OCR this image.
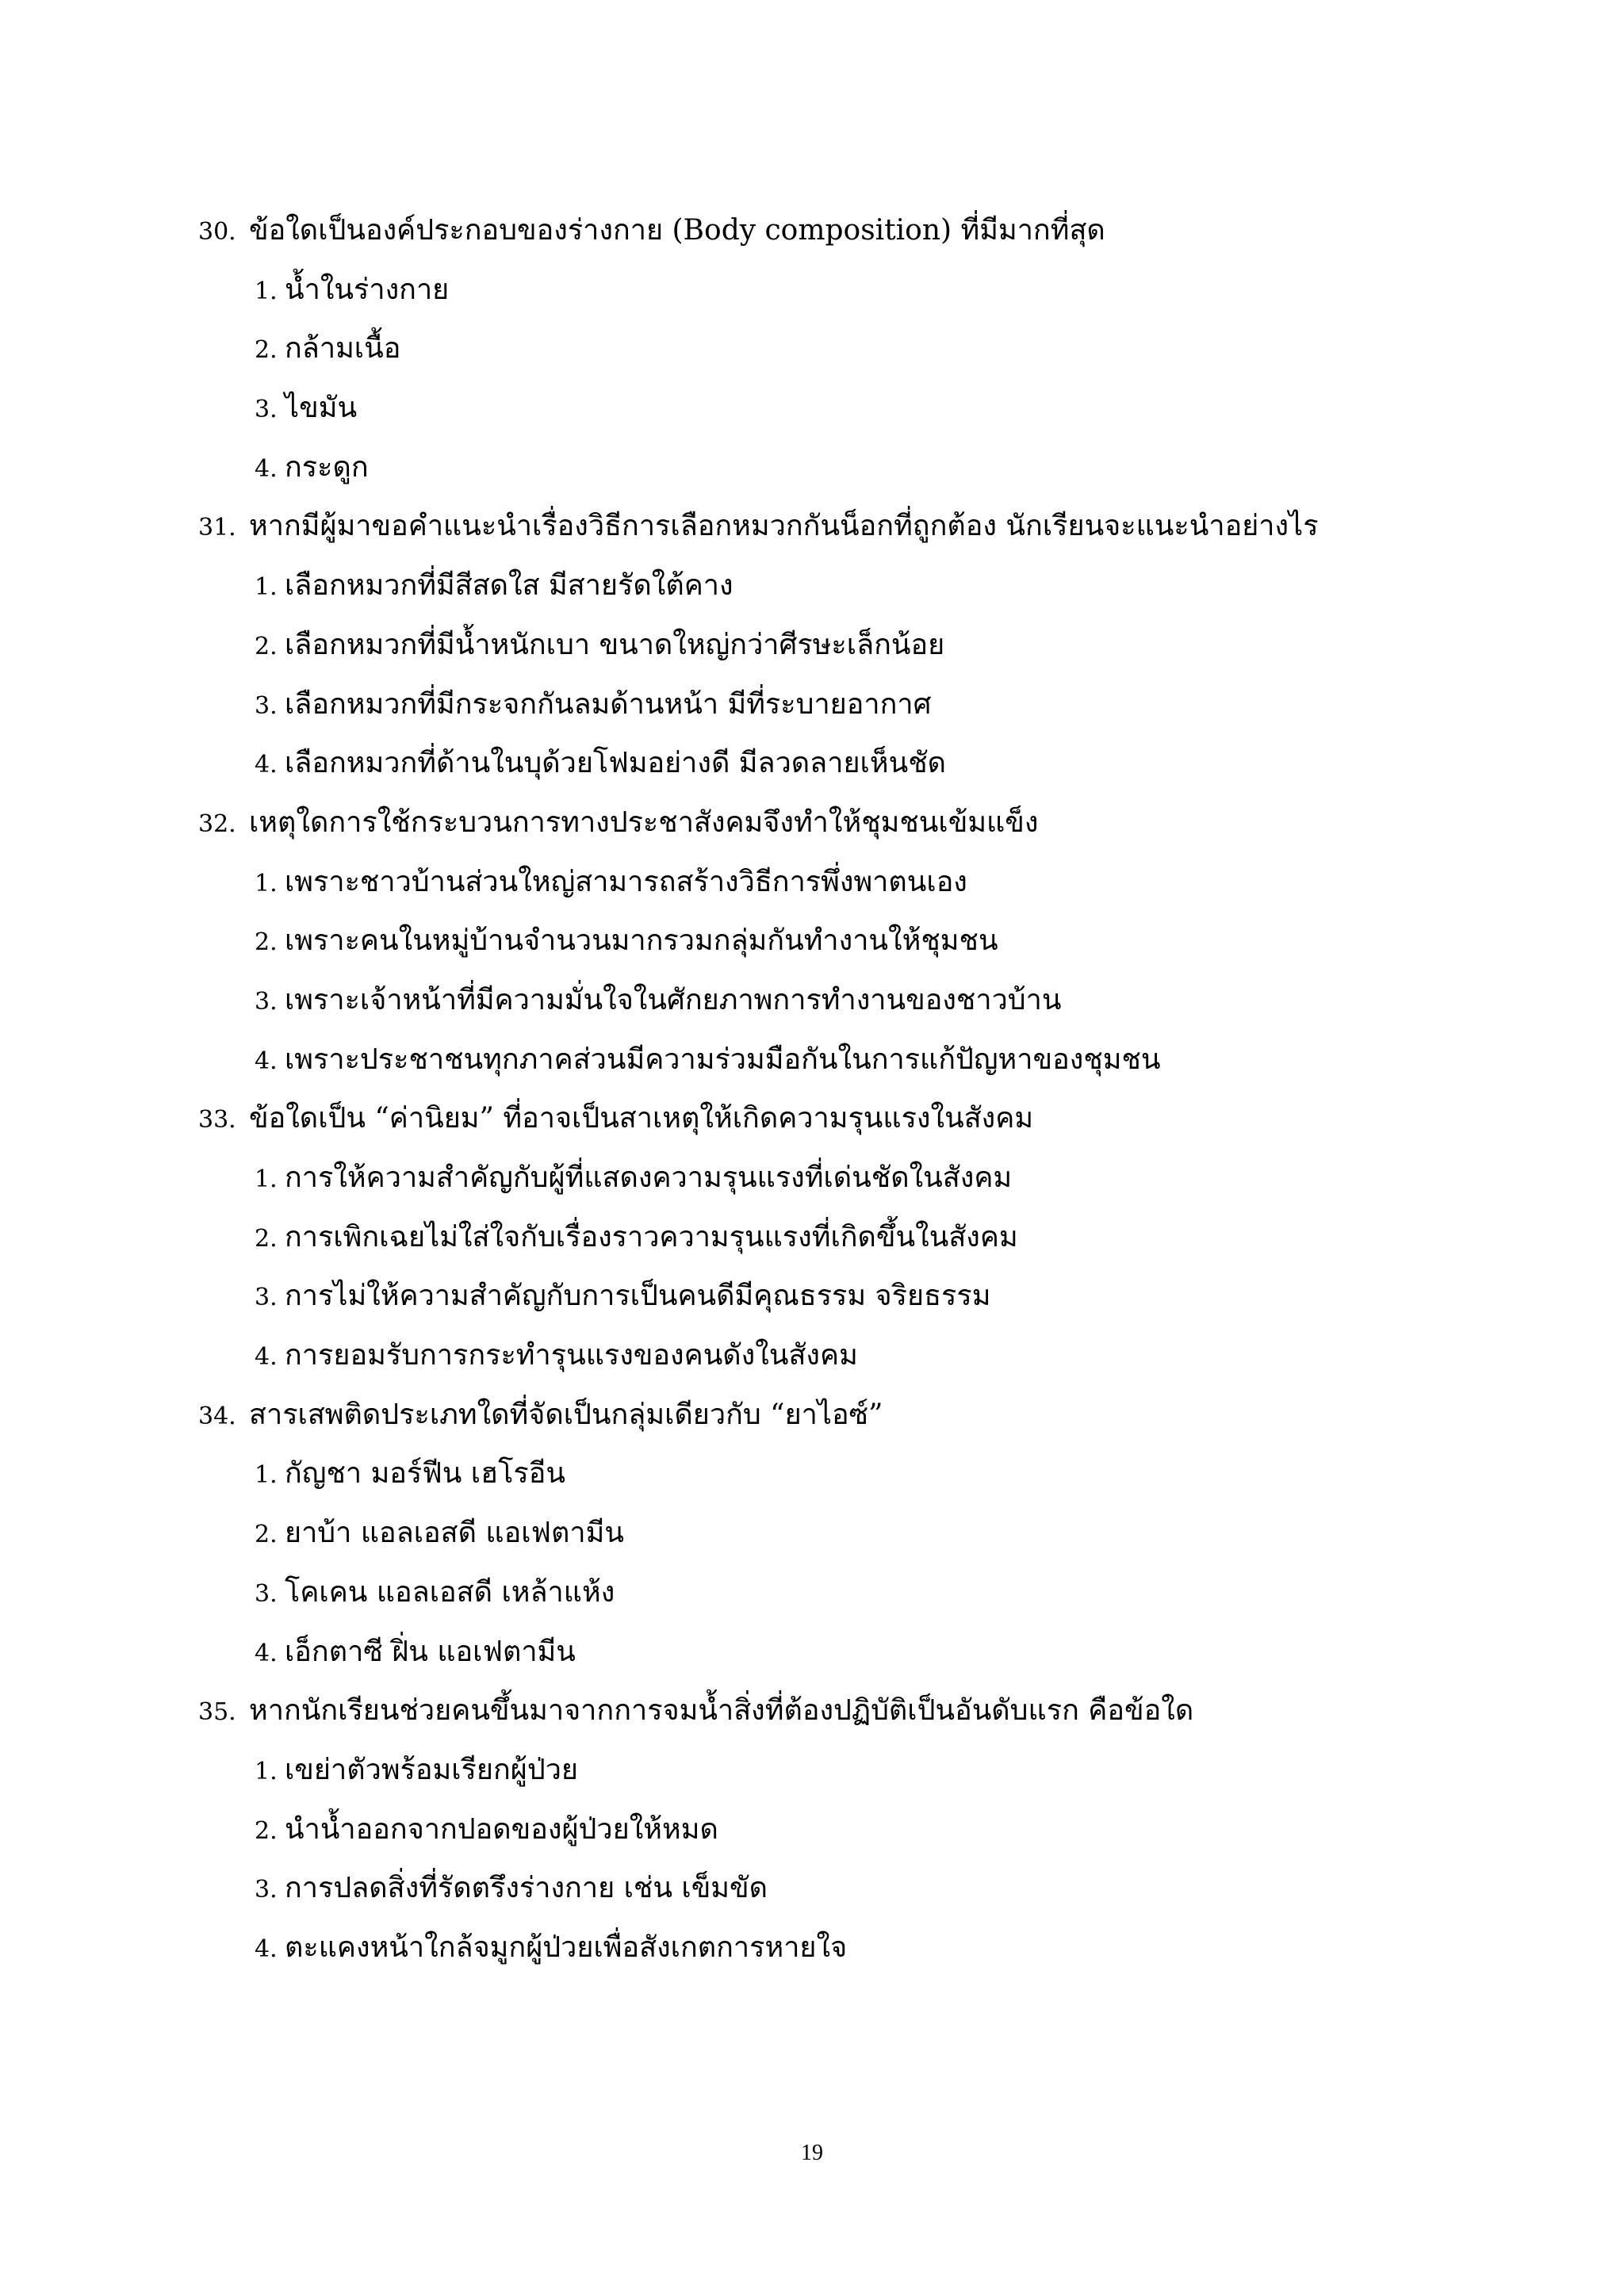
30. ข้อใดเป็นองค์ประกอบของร่างกาย (Body composition) ที่มีมากที่สุด
1. น้ำในร่างกาย
2. กล้ามเนื้อ
3. ไขมัน
4. กระดูก
31. หากมีผู้มาขอคำแนะนำเรื่องวิธีการเลือกหมวกกันน็อกที่ถูกต้อง นักเรียนจะแนะนำอย่างไร
1. เลือกหมวกที่มีสีสดใส มีสายรัดใต้คาง
2. เลือกหมวกที่มีน้ำหนักเบา ขนาดใหญ่กว่าศีรษะเล็กน้อย
3. เลือกหมวกที่มีกระจกกันลมด้านหน้า มีที่ระบายอากาศ
4. เลือกหมวกที่ด้านในบุด้วยโฟมอย่างดี มีลวดลายเห็นชัด
32. เหตุใดการใช้กระบวนการทางประชาสังคมจึงทำให้ชุมชนเข้มแข็ง
1. เพราะชาวบ้านส่วนใหญ่สามารถสร้างวิธีการพึ่งพาตนเอง
2. เพราะคนในหมู่บ้านจำนวนมากรวมกลุ่มกันทำงานให้ชุมชน
3. เพราะเจ้าหน้าที่มีความมั่นใจในศักยภาพการทำงานของชาวบ้าน
4. เพราะประชาชนทุกภาคส่วนมีความร่วมมือกันในการแก้ปัญหาของชุมชน
33. ข้อใดเป็น “ค่านิยม” ที่อาจเป็นสาเหตุให้เกิดความรุนแรงในสังคม
1. การให้ความสำคัญกับผู้ที่แสดงความรุนแรงที่เด่นชัดในสังคม
2. การเพิกเฉยไม่ใส่ใจกับเรื่องราวความรุนแรงที่เกิดขึ้นในสังคม
3. การไม่ให้ความสำคัญกับการเป็นคนดีมีคุณธรรม จริยธรรม
4. การยอมรับการกระทำรุนแรงของคนดังในสังคม
34. สารเสพติดประเภทใดที่จัดเป็นกลุ่มเดียวกับ “ยาไอซ์”
1. กัญชา มอร์ฟีน เฮโรอีน
2. ยาบ้า แอลเอสดี แอเฟตามีน
3. โคเคน แอลเอสดี เหล้าแห้ง
4. เอ็กตาซี ฝิ่น แอเฟตามีน
35. หากนักเรียนช่วยคนขึ้นมาจากการจมน้ำสิ่งที่ต้องปฏิบัติเป็นอันดับแรก คือข้อใด
1. เขย่าตัวพร้อมเรียกผู้ป่วย
2. นำน้ำออกจากปอดของผู้ป่วยให้หมด
3. การปลดสิ่งที่รัดตรึงร่างกาย เช่น เข็มขัด
4. ตะแคงหน้าใกล้จมูกผู้ป่วยเพื่อสังเกตการหายใจ
19
